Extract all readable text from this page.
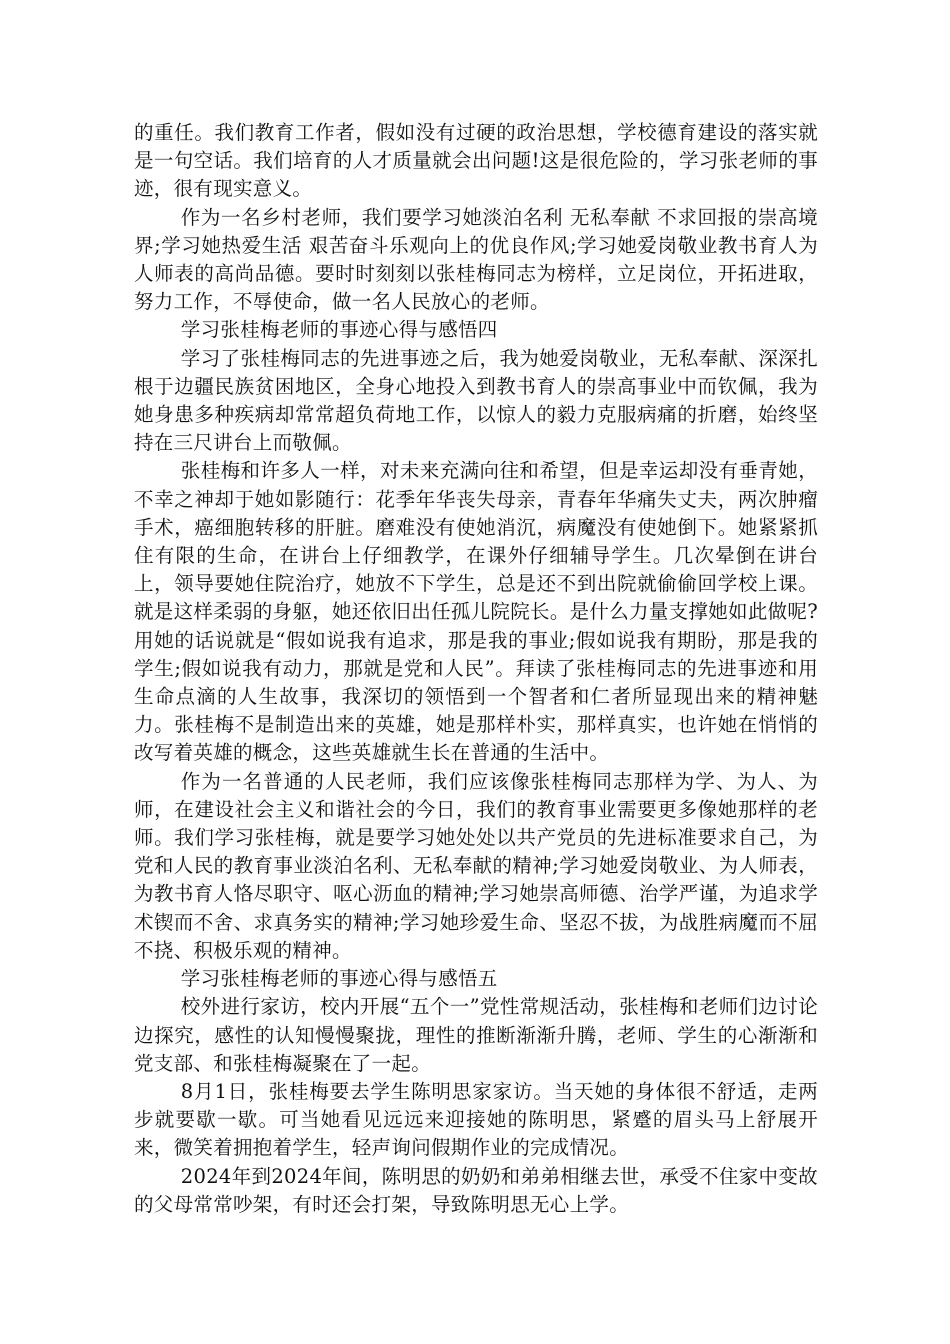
的重任。我们教育工作者，假如没有过硬的政治思想，学校德育建设的落实就是一句空话。我们培育的人才质量就会出问题!这是很危险的，学习张老师的事迹，很有现实意义。

作为一名乡村老师，我们要学习她淡泊名利 无私奉献 不求回报的崇高境界;学习她热爱生活 艰苦奋斗乐观向上的优良作风;学习她爱岗敬业教书育人为人师表的高尚品德。要时时刻刻以张桂梅同志为榜样，立足岗位，开拓进取，努力工作，不辱使命，做一名人民放心的老师。

学习张桂梅老师的事迹心得与感悟四

学习了张桂梅同志的先进事迹之后，我为她爱岗敬业，无私奉献、深深扎根于边疆民族贫困地区，全身心地投入到教书育人的崇高事业中而钦佩，我为她身患多种疾病却常常超负荷地工作，以惊人的毅力克服病痛的折磨，始终坚持在三尺讲台上而敬佩。

张桂梅和许多人一样，对未来充满向往和希望，但是幸运却没有垂青她，不幸之神却于她如影随行：花季年华丧失母亲，青春年华痛失丈夫，两次肿瘤手术，癌细胞转移的肝脏。磨难没有使她消沉，病魔没有使她倒下。她紧紧抓住有限的生命，在讲台上仔细教学，在课外仔细辅导学生。几次晕倒在讲台上，领导要她住院治疗，她放不下学生，总是还不到出院就偷偷回学校上课。就是这样柔弱的身躯，她还依旧出任孤儿院院长。是什么力量支撑她如此做呢?用她的话说就是“假如说我有追求，那是我的事业;假如说我有期盼，那是我的学生;假如说我有动力，那就是党和人民”。拜读了张桂梅同志的先进事迹和用生命点滴的人生故事，我深切的领悟到一个智者和仁者所显现出来的精神魅力。张桂梅不是制造出来的英雄，她是那样朴实，那样真实，也许她在悄悄的改写着英雄的概念，这些英雄就生长在普通的生活中。

作为一名普通的人民老师，我们应该像张桂梅同志那样为学、为人、为师，在建设社会主义和谐社会的今日，我们的教育事业需要更多像她那样的老师。我们学习张桂梅，就是要学习她处处以共产党员的先进标准要求自己，为党和人民的教育事业淡泊名利、无私奉献的精神;学习她爱岗敬业、为人师表，为教书育人恪尽职守、呕心沥血的精神;学习她崇高师德、治学严谨，为追求学术锲而不舍、求真务实的精神;学习她珍爱生命、坚忍不拔，为战胜病魔而不屈不挠、积极乐观的精神。

学习张桂梅老师的事迹心得与感悟五

校外进行家访，校内开展“五个一”党性常规活动，张桂梅和老师们边讨论边探究，感性的认知慢慢聚拢，理性的推断渐渐升腾，老师、学生的心渐渐和党支部、和张桂梅凝聚在了一起。

8月1日，张桂梅要去学生陈明思家家访。当天她的身体很不舒适，走两步就要歇一歇。可当她看见远远来迎接她的陈明思，紧蹙的眉头马上舒展开来，微笑着拥抱着学生，轻声询问假期作业的完成情况。

2024年到2024年间，陈明思的奶奶和弟弟相继去世，承受不住家中变故的父母常常吵架，有时还会打架，导致陈明思无心上学。
